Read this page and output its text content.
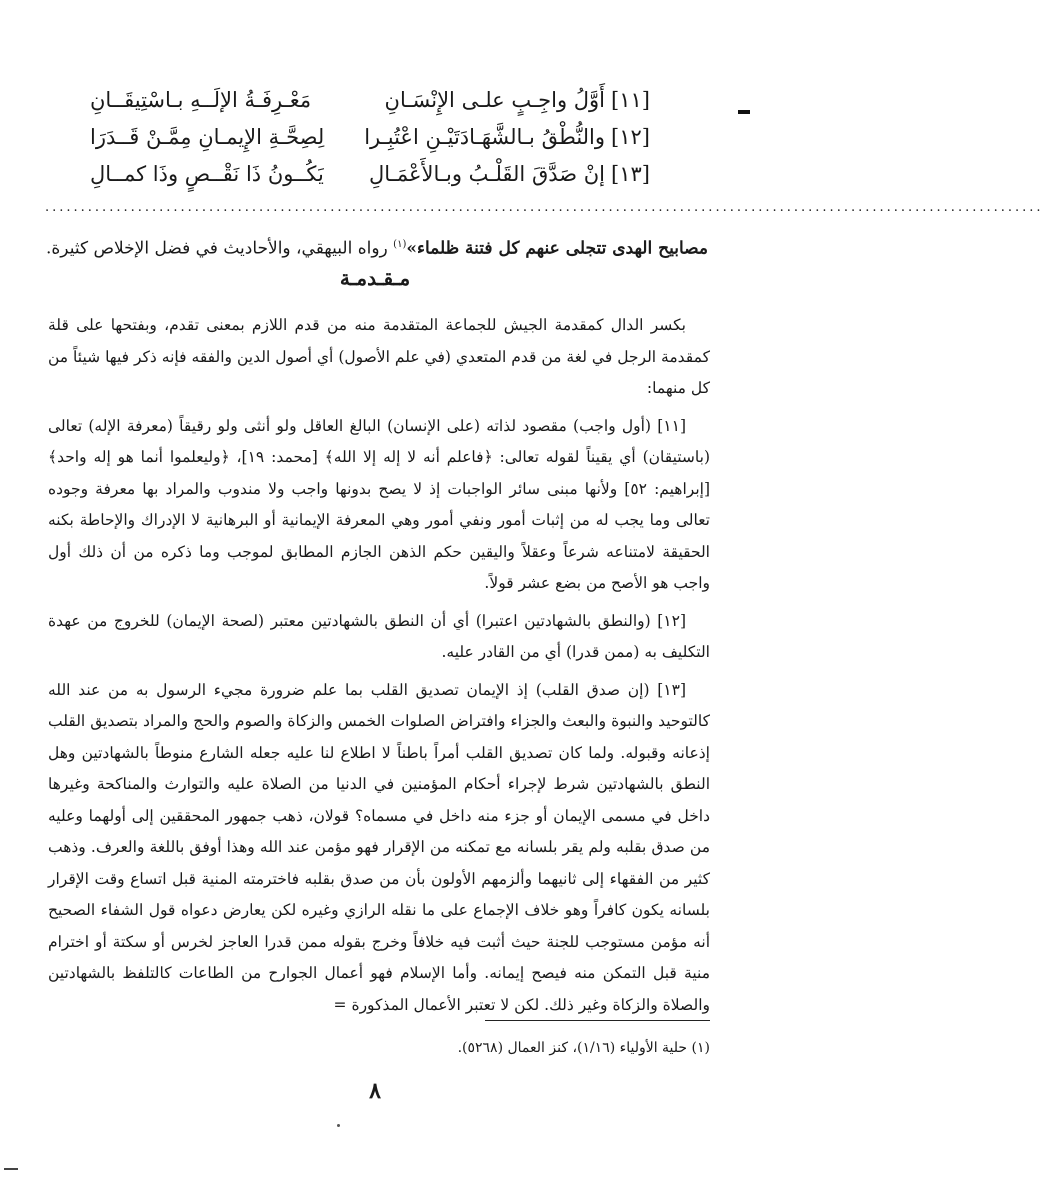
[١١]أَوَّلُ واجِـبٍ علـى الإِنْسَـانِ
مَعْـرِفَـةُ الإلَــهِ بـاسْتِيقَــانِ
[١٢]والنُّطْقُ بـالشَّهَـادَتَيْـنِ اعْتُبِـرا
لِصِحَّـةِ الإِيمـانِ مِمَّـنْ قَــدَرَا
[١٣]إنْ صَدَّقَ القَلْـبُ وبـالأَعْمَـالِ
يَكُــونُ ذَا نَقْــصٍ وذَا كمــالِ
............................................................................................................................................
مصابيح الهدى تتجلى عنهم كل فتنة ظلماء»$^{(١)}$ رواه البيهقي، والأحاديث في فضل الإخلاص كثيرة.
مـقـدمـة

بكسر الدال كمقدمة الجيش للجماعة المتقدمة منه من قدم اللازم بمعنى تقدم، وبفتحها على قلة كمقدمة الرجل في لغة من قدم المتعدي (في علم الأصول) أي أصول الدين والفقه فإنه ذكر فيها شيئاً من كل منهما:

[١١] (أول واجب) مقصود لذاته (على الإنسان) البالغ العاقل ولو أنثى ولو رقيقاً (معرفة الإله) تعالى (باستيقان) أي يقيناً لقوله تعالى: ﴿فاعلم أنه لا إله إلا الله﴾ [محمد: ١٩]، ﴿وليعلموا أنما هو إله واحد﴾ [إبراهيم: ٥٢] ولأنها مبنى سائر الواجبات إذ لا يصح بدونها واجب ولا مندوب والمراد بها معرفة وجوده تعالى وما يجب له من إثبات أمور ونفي أمور وهي المعرفة الإيمانية أو البرهانية لا الإدراك والإحاطة بكنه الحقيقة لامتناعه شرعاً وعقلاً واليقين حكم الذهن الجازم المطابق لموجب وما ذكره من أن ذلك أول واجب هو الأصح من بضع عشر قولاً.

[١٢] (والنطق بالشهادتين اعتبرا) أي أن النطق بالشهادتين معتبر (لصحة الإيمان) للخروج من عهدة التكليف به (ممن قدرا) أي من القادر عليه.

[١٣] (إن صدق القلب) إذ الإيمان تصديق القلب بما علم ضرورة مجيء الرسول به من عند الله كالتوحيد والنبوة والبعث والجزاء وافتراض الصلوات الخمس والزكاة والصوم والحج والمراد بتصديق القلب إذعانه وقبوله. ولما كان تصديق القلب أمراً باطناً لا اطلاع لنا عليه جعله الشارع منوطاً بالشهادتين وهل النطق بالشهادتين شرط لإجراء أحكام المؤمنين في الدنيا من الصلاة عليه والتوارث والمناكحة وغيرها داخل في مسمى الإيمان أو جزء منه داخل في مسماه؟ قولان، ذهب جمهور المحققين إلى أولهما وعليه من صدق بقلبه ولم يقر بلسانه مع تمكنه من الإقرار فهو مؤمن عند الله وهذا أوفق باللغة والعرف. وذهب كثير من الفقهاء إلى ثانيهما وألزمهم الأولون بأن من صدق بقلبه فاخترمته المنية قبل اتساع وقت الإقرار بلسانه يكون كافراً وهو خلاف الإجماع على ما نقله الرازي وغيره لكن يعارض دعواه قول الشفاء الصحيح أنه مؤمن مستوجب للجنة حيث أثبت فيه خلافاً وخرج بقوله ممن قدرا العاجز لخرس أو سكتة أو اخترام منية قبل التمكن منه فيصح إيمانه. وأما الإسلام فهو أعمال الجوارح من الطاعات كالتلفظ بالشهادتين والصلاة والزكاة وغير ذلك. لكن لا تعتبر الأعمال المذكورة =

(١) حلية الأولياء (١/١٦)، كنز العمال (٥٢٦٨).
٨
